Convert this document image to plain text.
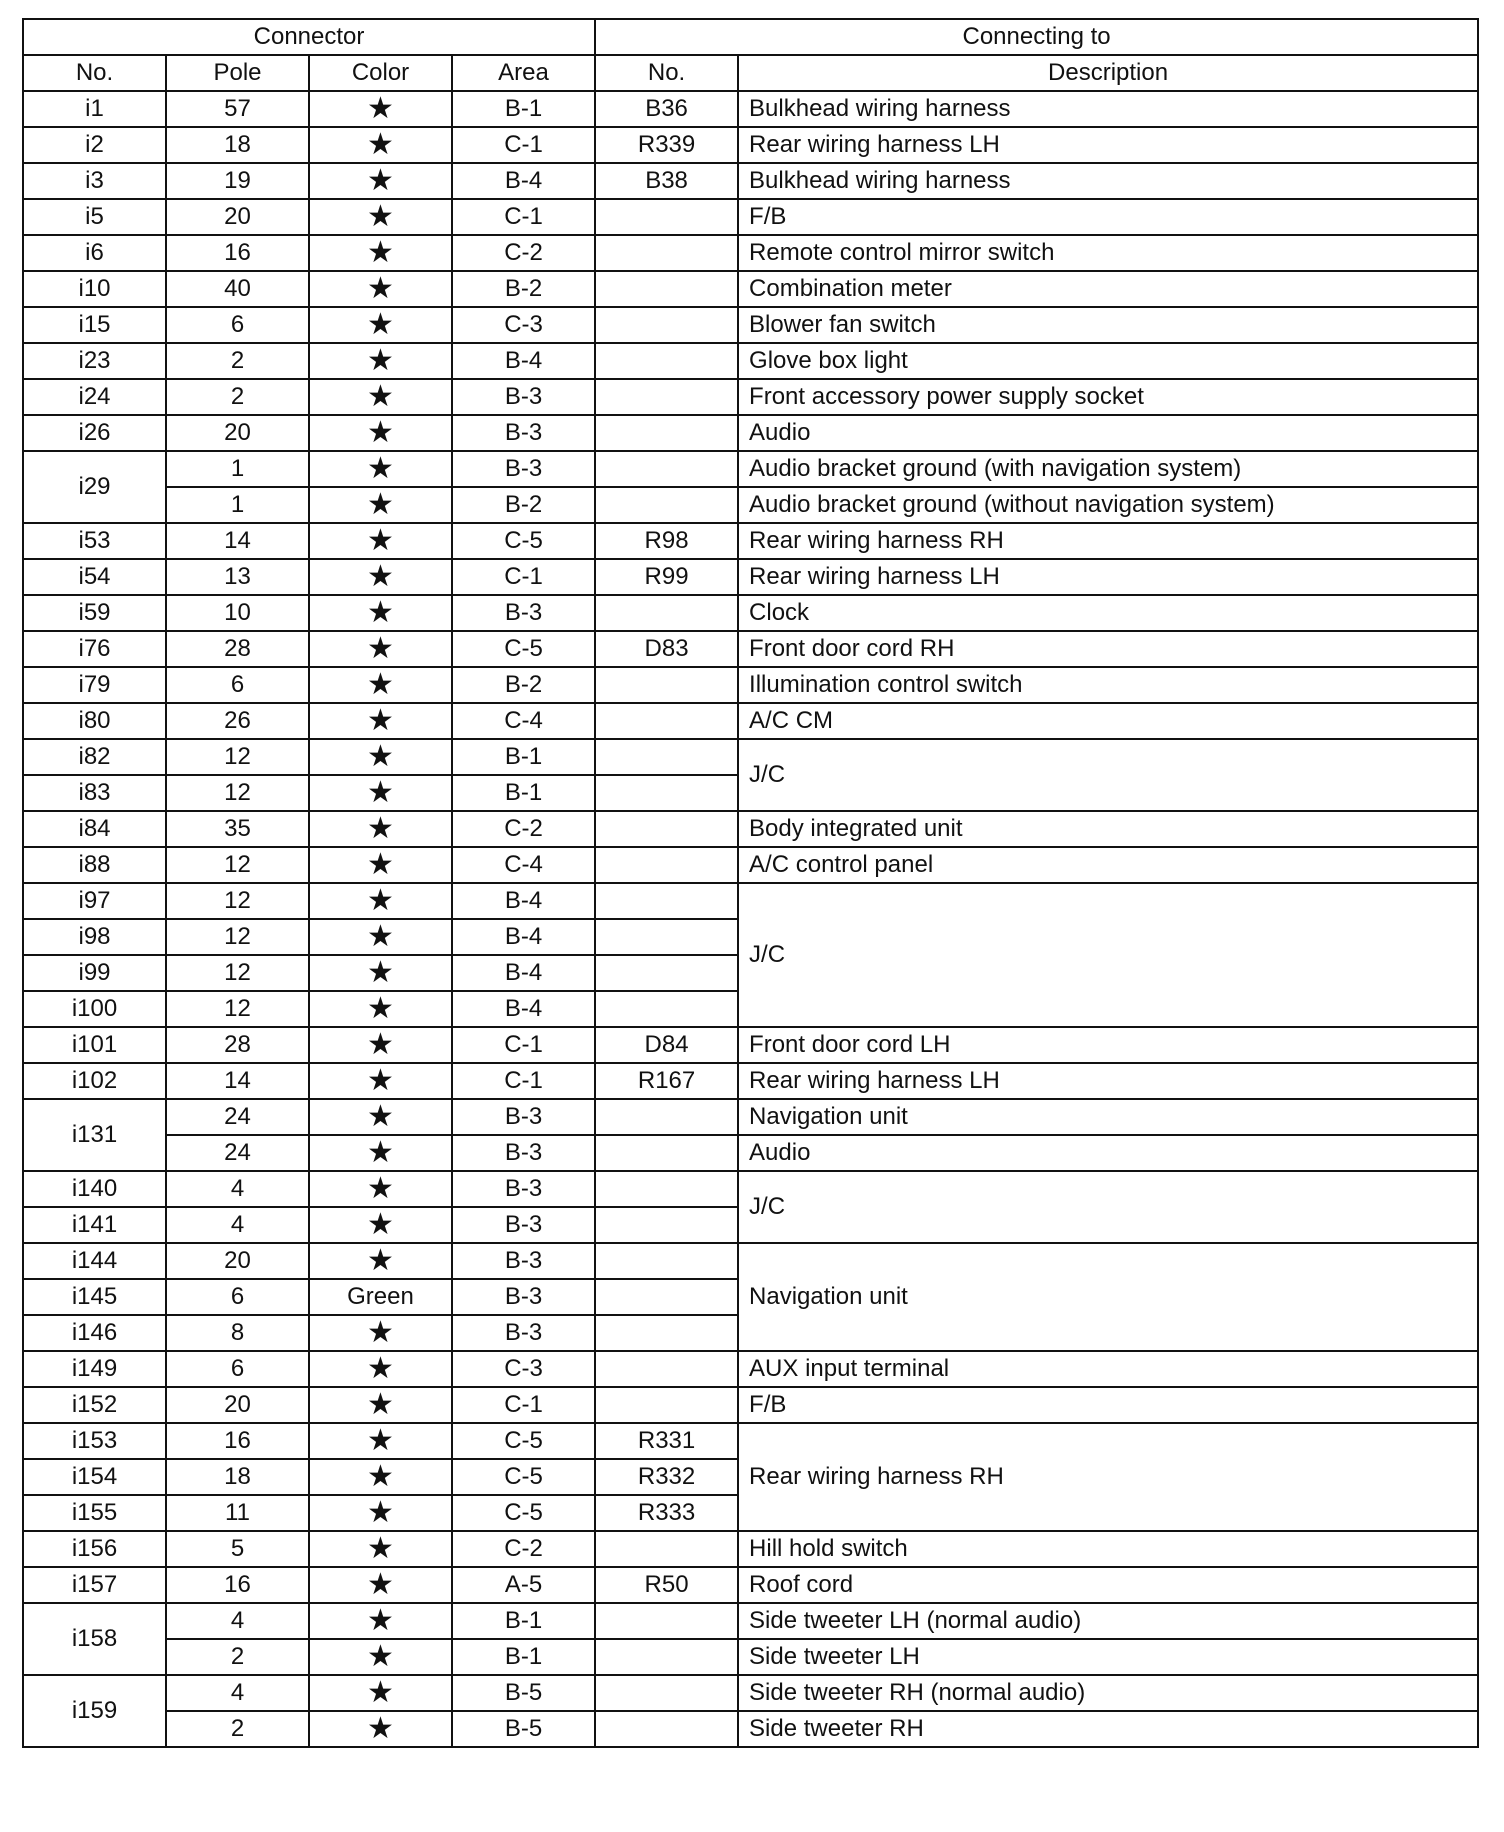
Connector				Connecting to	
No.	Pole	Color	Area	No.	Description
i1	57	★	B-1	B36	Bulkhead wiring harness
i2	18	★	C-1	R339	Rear wiring harness LH
i3	19	★	B-4	B38	Bulkhead wiring harness
i5	20	★	C-1		F/B
i6	16	★	C-2		Remote control mirror switch
i10	40	★	B-2		Combination meter
i15	6	★	C-3		Blower fan switch
i23	2	★	B-4		Glove box light
i24	2	★	B-3		Front accessory power supply socket
i26	20	★	B-3		Audio
i29	1	★	B-3		Audio bracket ground (with navigation system)
	1	★	B-2		Audio bracket ground (without navigation system)
i53	14	★	C-5	R98	Rear wiring harness RH
i54	13	★	C-1	R99	Rear wiring harness LH
i59	10	★	B-3		Clock
i76	28	★	C-5	D83	Front door cord RH
i79	6	★	B-2		Illumination control switch
i80	26	★	C-4		A/C CM
i82	12	★	B-1		J/C
i83	12	★	B-1		
i84	35	★	C-2		Body integrated unit
i88	12	★	C-4		A/C control panel
i97	12	★	B-4		J/C
i98	12	★	B-4		
i99	12	★	B-4		
i100	12	★	B-4		
i101	28	★	C-1	D84	Front door cord LH
i102	14	★	C-1	R167	Rear wiring harness LH
i131	24	★	B-3		Navigation unit
	24	★	B-3		Audio
i140	4	★	B-3		J/C
i141	4	★	B-3		
i144	20	★	B-3		Navigation unit
i145	6	Green	B-3		
i146	8	★	B-3		
i149	6	★	C-3		AUX input terminal
i152	20	★	C-1		F/B
i153	16	★	C-5	R331	Rear wiring harness RH
i154	18	★	C-5	R332	
i155	11	★	C-5	R333	
i156	5	★	C-2		Hill hold switch
i157	16	★	A-5	R50	Roof cord
i158	4	★	B-1		Side tweeter LH (normal audio)
	2	★	B-1		Side tweeter LH
i159	4	★	B-5		Side tweeter RH (normal audio)
	2	★	B-5		Side tweeter RH
